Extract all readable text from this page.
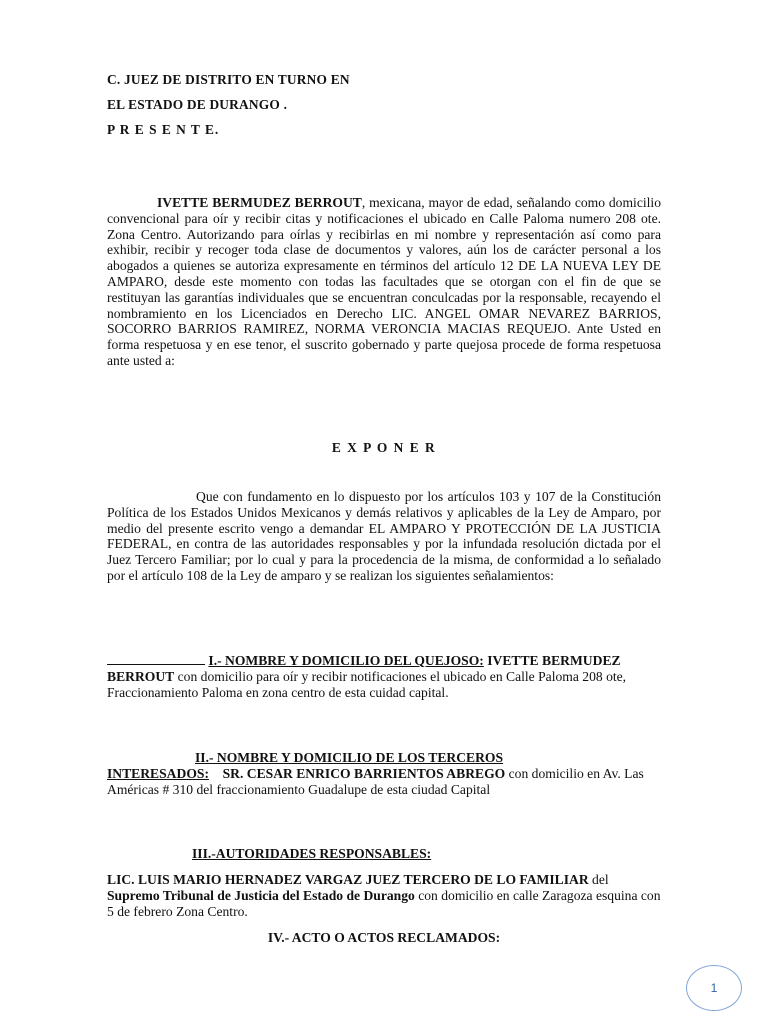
C. JUEZ DE DISTRITO EN TURNO EN
EL ESTADO DE DURANGO .
P R E S E N T E.
IVETTE BERMUDEZ BERROUT, mexicana, mayor de edad, señalando como domicilio convencional para oír y recibir citas y notificaciones el ubicado en Calle Paloma numero 208 ote. Zona Centro. Autorizando para oírlas y recibirlas en mi nombre y representación así como para exhibir, recibir y recoger toda clase de documentos y valores, aún los de carácter personal a los abogados a quienes se autoriza expresamente en términos del artículo 12 DE LA NUEVA LEY DE AMPARO, desde este momento con todas las facultades que se otorgan con el fin de que se restituyan las garantías individuales que se encuentran conculcadas por la responsable, recayendo el nombramiento en los Licenciados en Derecho LIC. ANGEL OMAR NEVAREZ BARRIOS, SOCORRO BARRIOS RAMIREZ, NORMA VERONCIA MACIAS REQUEJO. Ante Usted en forma respetuosa y en ese tenor, el suscrito gobernado y parte quejosa procede de forma respetuosa ante usted a:
E X P O N E R
Que con fundamento en lo dispuesto por los artículos 103 y 107 de la Constitución Política de los Estados Unidos Mexicanos y demás relativos y aplicables de la Ley de Amparo, por medio del presente escrito vengo a demandar EL AMPARO Y PROTECCIÓN DE LA JUSTICIA FEDERAL, en contra de las autoridades responsables y por la infundada resolución dictada por el Juez Tercero Familiar; por lo cual y para la procedencia de la misma, de conformidad a lo señalado por el artículo 108 de la Ley de amparo y se realizan los siguientes señalamientos:
I.- NOMBRE Y DOMICILIO DEL QUEJOSO: IVETTE BERMUDEZ BERROUT con domicilio para oír y recibir notificaciones el ubicado en Calle Paloma 208 ote, Fraccionamiento Paloma en zona centro de esta cuidad capital.
II.- NOMBRE Y DOMICILIO DE LOS TERCEROS
INTERESADOS: SR. CESAR ENRICO BARRIENTOS ABREGO con domicilio en Av. Las Américas # 310 del fraccionamiento Guadalupe de esta ciudad Capital
III.-AUTORIDADES RESPONSABLES:
LIC. LUIS MARIO HERNADEZ VARGAZ JUEZ TERCERO DE LO FAMILIAR del Supremo Tribunal de Justicia del Estado de Durango con domicilio en calle Zaragoza esquina con 5 de febrero Zona Centro.
IV.- ACTO O ACTOS RECLAMADOS:
1
